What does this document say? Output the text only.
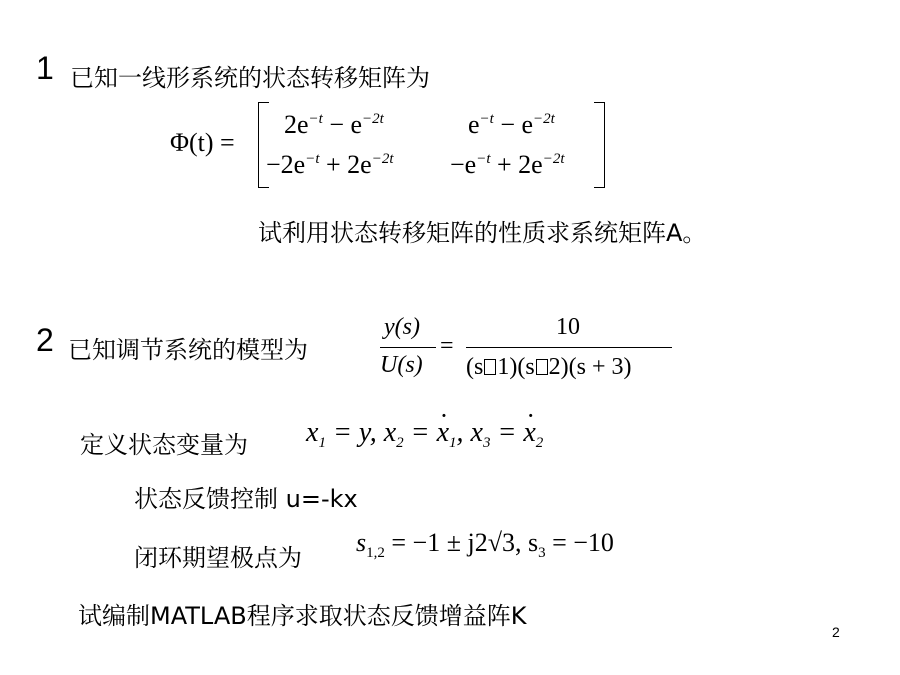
1 已知一线形系统的状态转移矩阵为
Φ(t) =
$2e^{-t} - e^{-2t}$	$e^{-t} - e^{-2t}$
$-2e^{-t} + 2e^{-2t} -e^{-t} + 2e^{-2t}$
试利用状态转移矩阵的性质求系统矩阵A。
2 已知调节系统的模型为
y(s)
U(s)
=
10
(s 1)(s 2)(s + 3)
定义状态变量为 $x_1 = y$, $x_2$ = · $x_1$, $x_3$ = · $x_2$
状态反馈控制 u=-kx
闭环期望极点为
$s_{1,2} = -1 \pm j2√3$, $s_3 = -10$
试编制MATLAB程序求取状态反馈增益阵K
2
